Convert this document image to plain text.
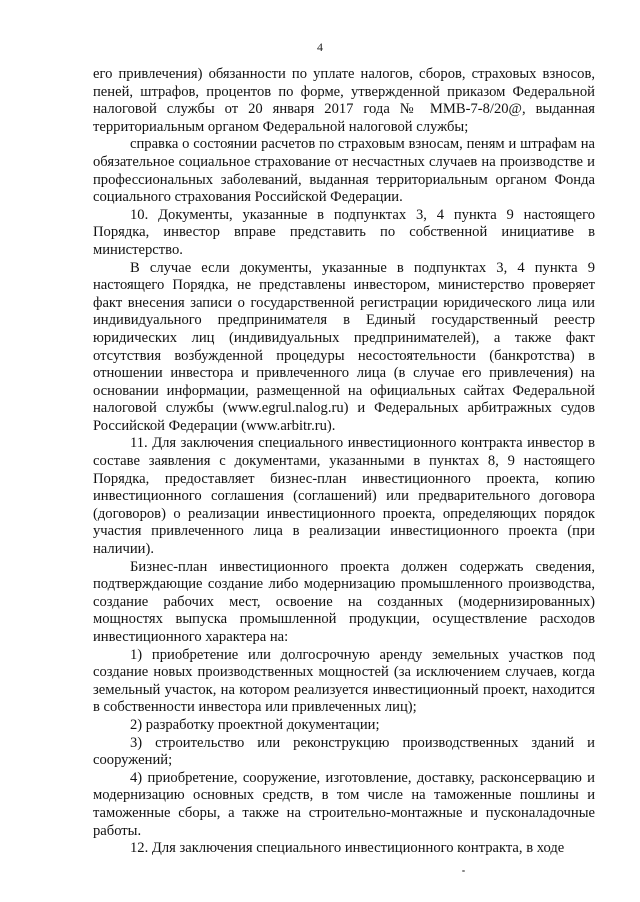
4

его привлечения) обязанности по уплате налогов, сборов, страховых взносов, пеней, штрафов, процентов по форме, утвержденной приказом Федеральной налоговой службы от 20 января 2017 года № ММВ-7-8/20@, выданная территориальным органом Федеральной налоговой службы;

справка о состоянии расчетов по страховым взносам, пеням и штрафам на обязательное социальное страхование от несчастных случаев на производстве и профессиональных заболеваний, выданная территориальным органом Фонда социального страхования Российской Федерации.

10. Документы, указанные в подпунктах 3, 4 пункта 9 настоящего Порядка, инвестор вправе представить по собственной инициативе в министерство.

В случае если документы, указанные в подпунктах 3, 4 пункта 9 настоящего Порядка, не представлены инвестором, министерство проверяет факт внесения записи о государственной регистрации юридического лица или индивидуального предпринимателя в Единый государственный реестр юридических лиц (индивидуальных предпринимателей), а также факт отсутствия возбужденной процедуры несостоятельности (банкротства) в отношении инвестора и привлеченного лица (в случае его привлечения) на основании информации, размещенной на официальных сайтах Федеральной налоговой службы (www.egrul.nalog.ru) и Федеральных арбитражных судов Российской Федерации (www.arbitr.ru).

11. Для заключения специального инвестиционного контракта инвестор в составе заявления с документами, указанными в пунктах 8, 9 настоящего Порядка, предоставляет бизнес-план инвестиционного проекта, копию инвестиционного соглашения (соглашений) или предварительного договора (договоров) о реализации инвестиционного проекта, определяющих порядок участия привлеченного лица в реализации инвестиционного проекта (при наличии).

Бизнес-план инвестиционного проекта должен содержать сведения, подтверждающие создание либо модернизацию промышленного производства, создание рабочих мест, освоение на созданных (модернизированных) мощностях выпуска промышленной продукции, осуществление расходов инвестиционного характера на:

1) приобретение или долгосрочную аренду земельных участков под создание новых производственных мощностей (за исключением случаев, когда земельный участок, на котором реализуется инвестиционный проект, находится в собственности инвестора или привлеченных лиц);

2) разработку проектной документации;

3) строительство или реконструкцию производственных зданий и сооружений;

4) приобретение, сооружение, изготовление, доставку, расконсервацию и модернизацию основных средств, в том числе на таможенные пошлины и таможенные сборы, а также на строительно-монтажные и пусконаладочные работы.

12. Для заключения специального инвестиционного контракта, в ходе
